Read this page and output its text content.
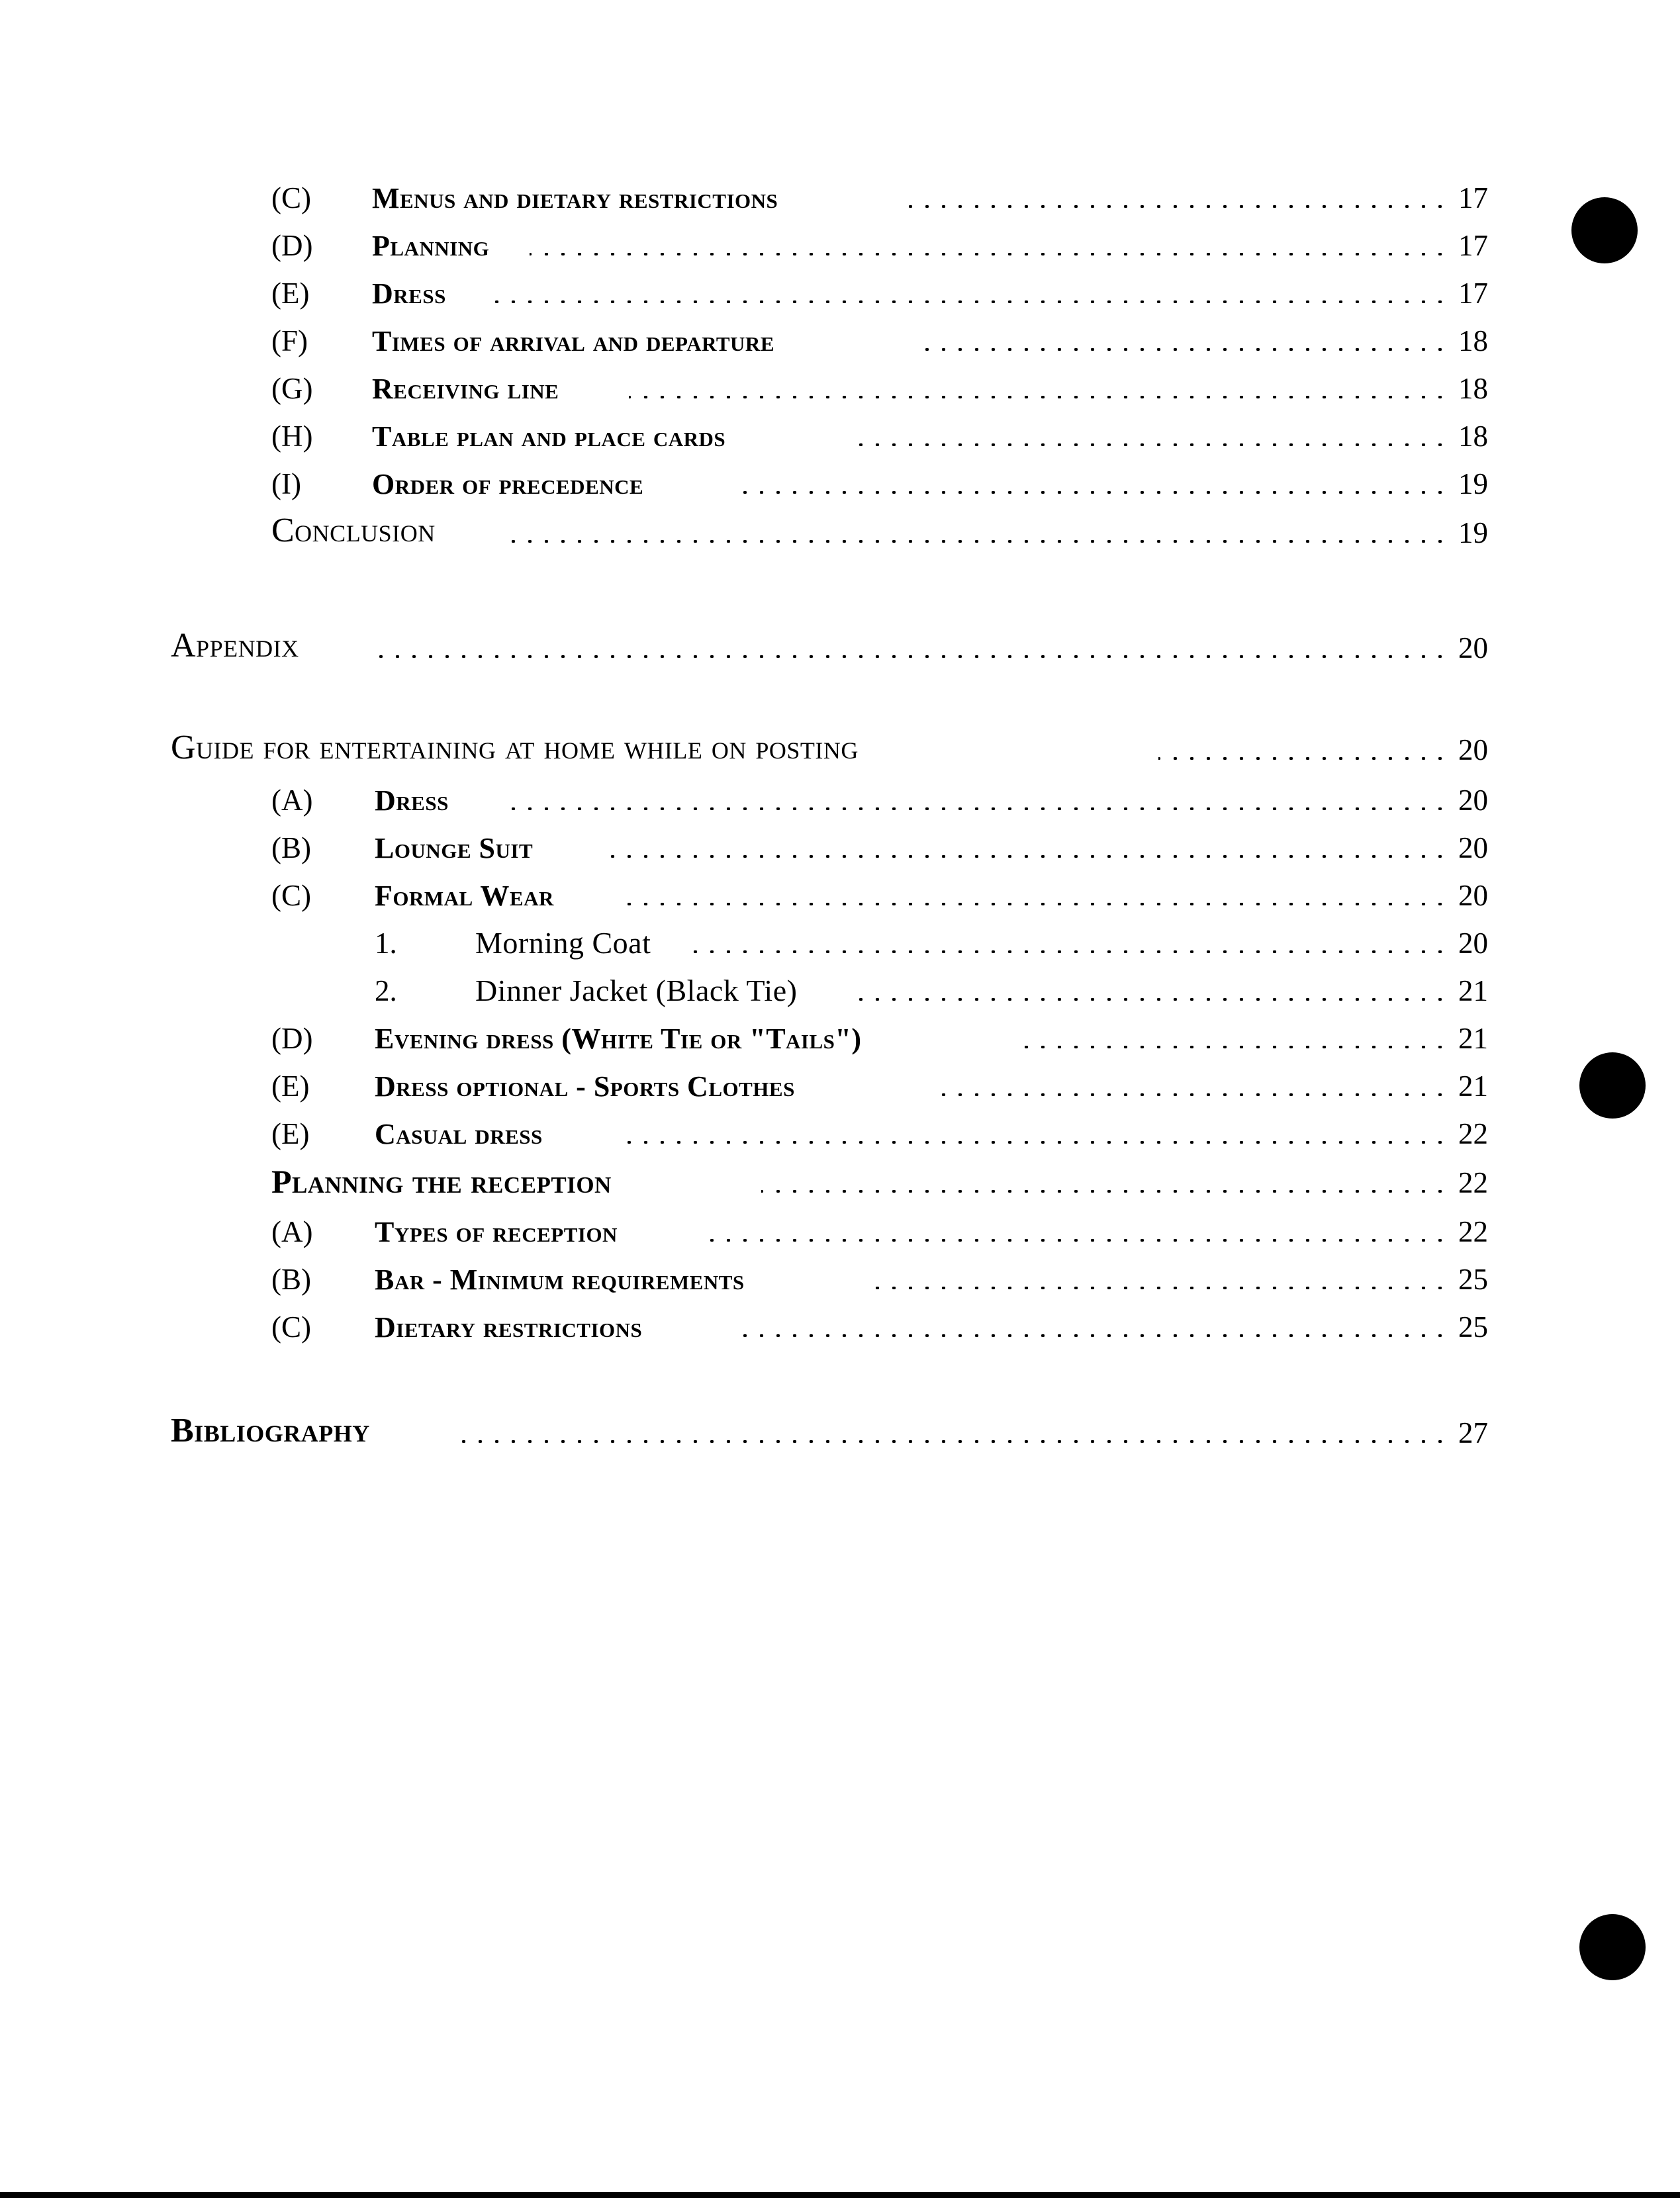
(C) Menus and dietary restrictions	17
(D) Planning	17
(E) Dress	17
(F) Times of arrival and departure	18
(G) Receiving line	18
(H) Table plan and place cards	18
(I) Order of precedence	19
Conclusion	19
Appendix	20
Guide for entertaining at home while on posting	20
(A) Dress	20
(B) Lounge Suit	20
(C) Formal Wear	20
1.	Morning Coat	20
2.	Dinner Jacket (Black Tie)	21
(D) Evening dress (White Tie or "Tails")	21
(E) Dress optional - Sports Clothes	21
(E) Casual dress	22
Planning the reception	22
(A) Types of reception	22
(B) Bar - Minimum requirements	25
(C) Dietary restrictions	25
Bibliography	27
